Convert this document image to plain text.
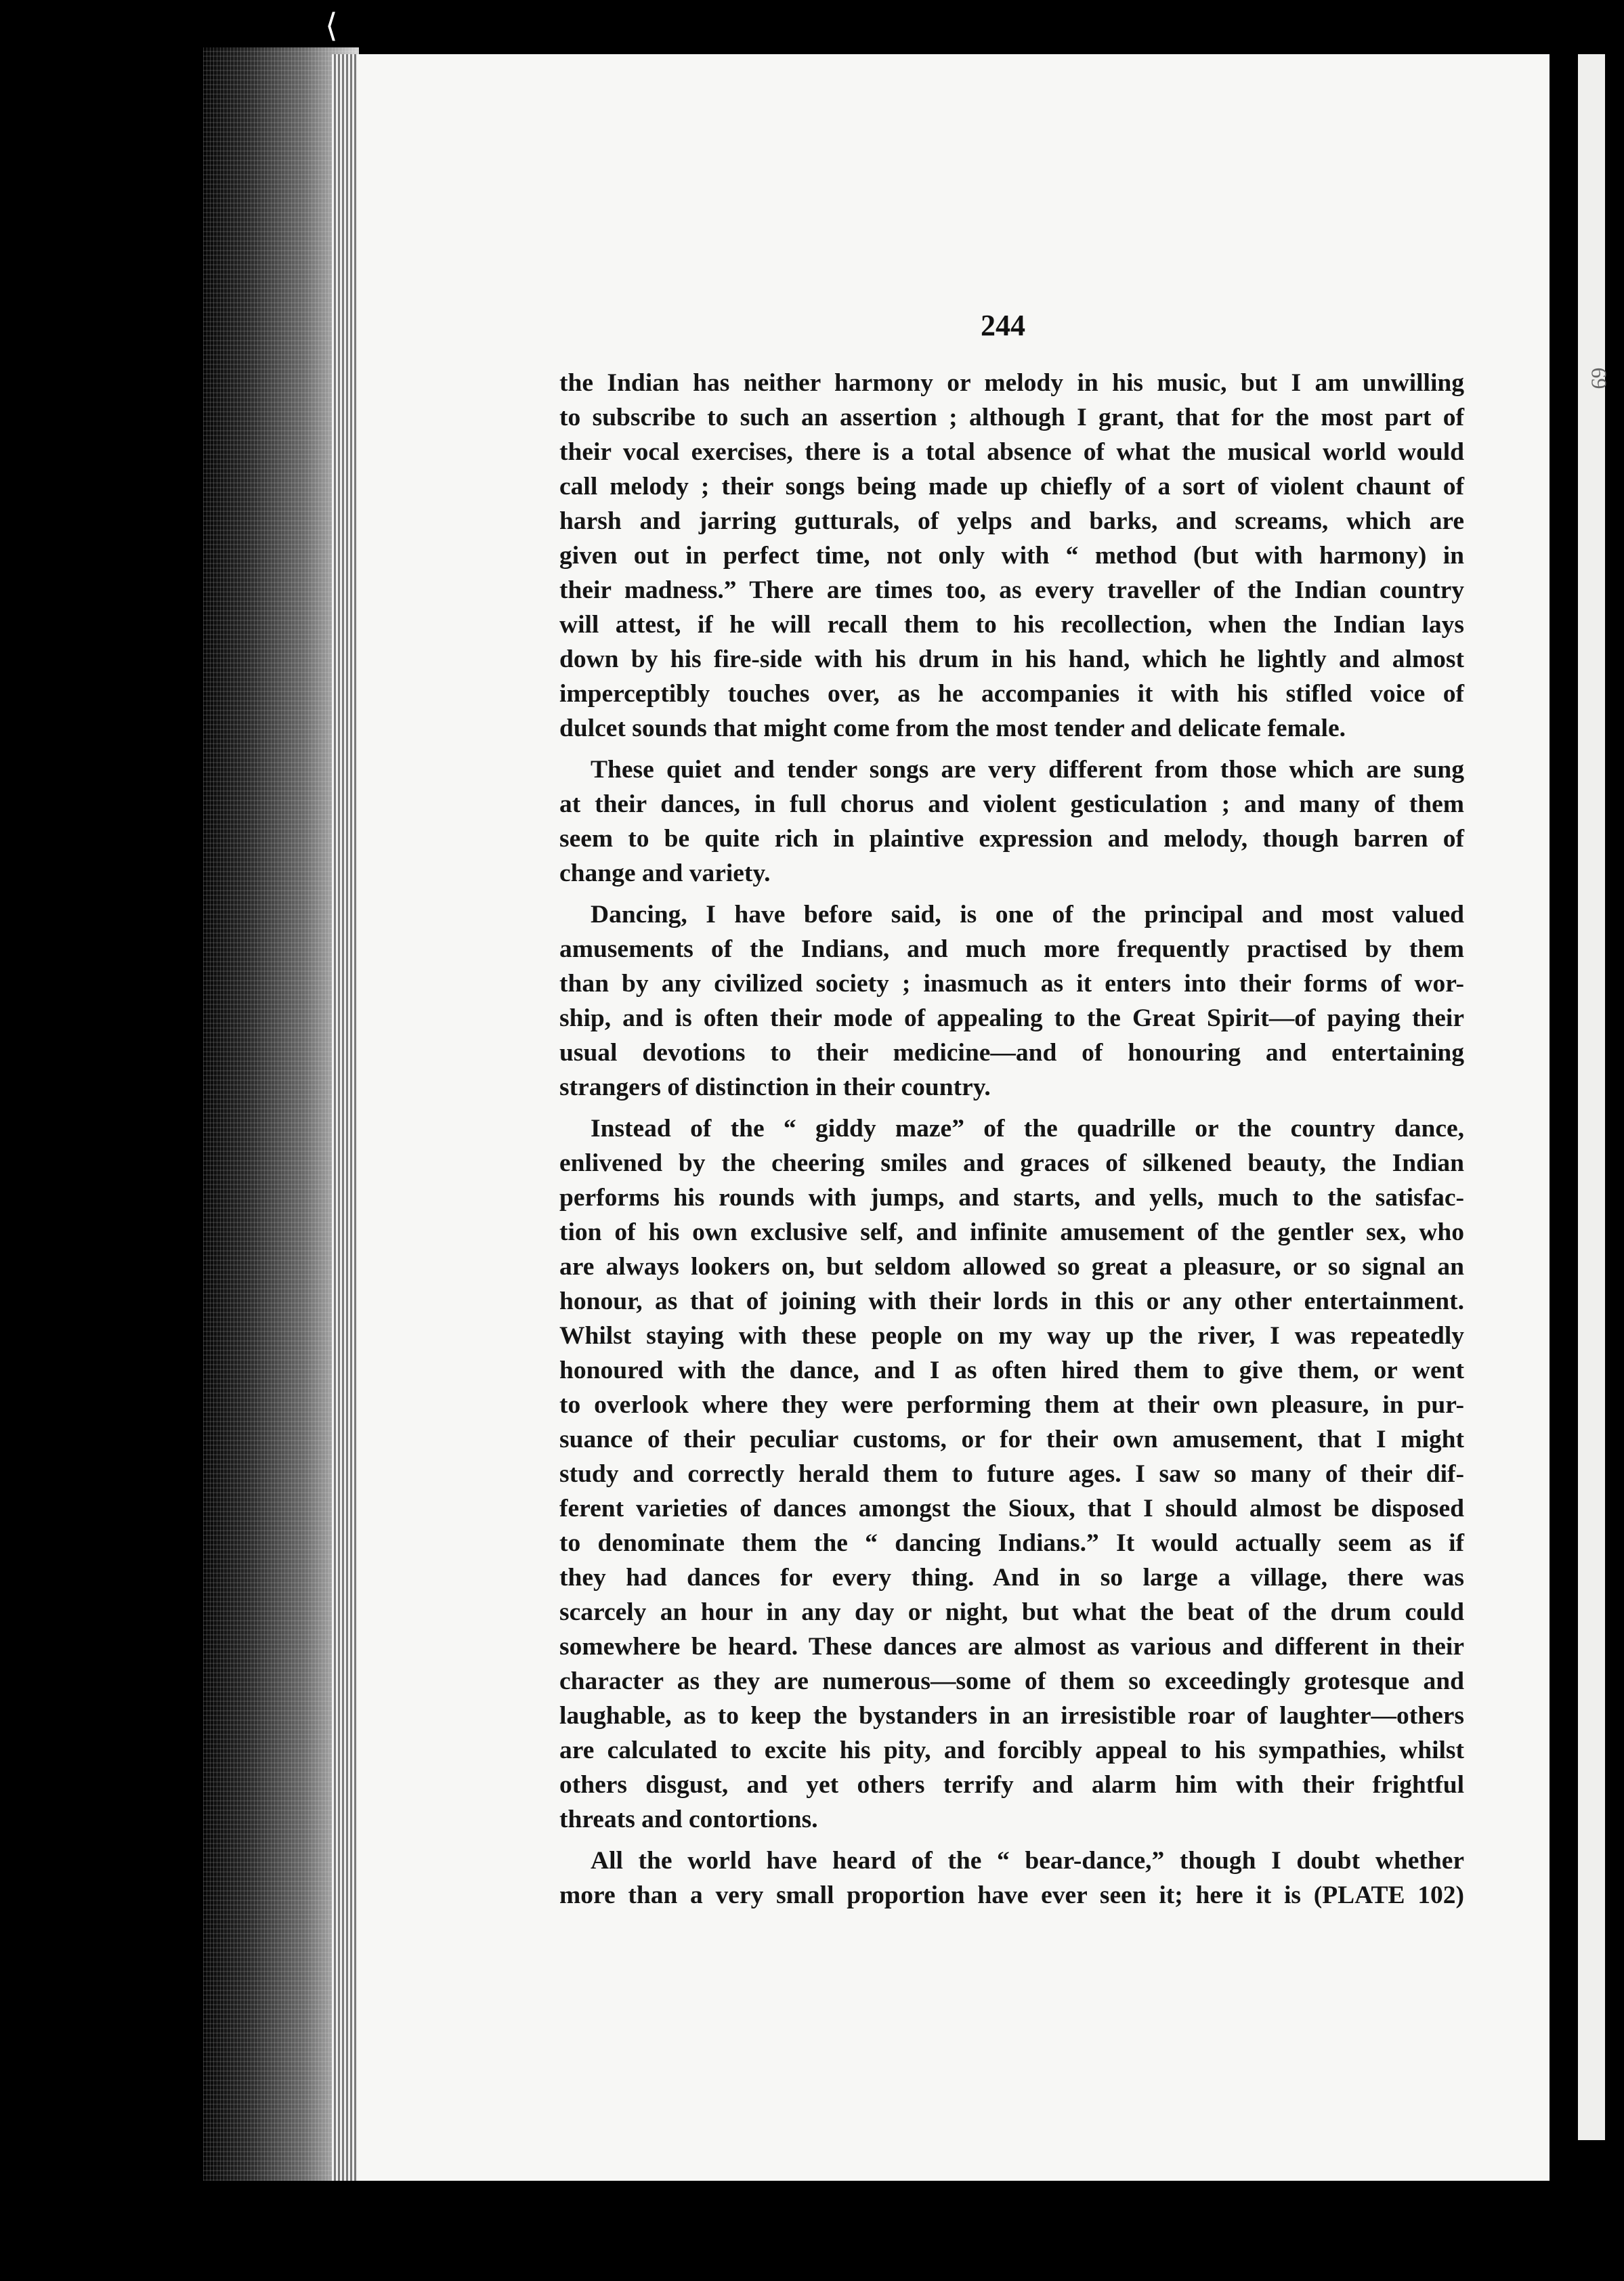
⟨
69
244
the Indian has neither harmony or melody in his music, but I am unwilling
to subscribe to such an assertion ; although I grant, that for the most part of
their vocal exercises, there is a total absence of what the musical world would
call melody ; their songs being made up chiefly of a sort of violent chaunt of
harsh and jarring gutturals, of yelps and barks, and screams, which are
given out in perfect time, not only with “ method (but with harmony) in
their madness.” There are times too, as every traveller of the Indian country
will attest, if he will recall them to his recollection, when the Indian lays
down by his fire-side with his drum in his hand, which he lightly and almost
imperceptibly touches over, as he accompanies it with his stifled voice of
dulcet sounds that might come from the most tender and delicate female.
These quiet and tender songs are very different from those which are sung
at their dances, in full chorus and violent gesticulation ; and many of them
seem to be quite rich in plaintive expression and melody, though barren of
change and variety.
Dancing, I have before said, is one of the principal and most valued
amusements of the Indians, and much more frequently practised by them
than by any civilized society ; inasmuch as it enters into their forms of wor-
ship, and is often their mode of appealing to the Great Spirit—of paying their
usual devotions to their medicine—and of honouring and entertaining
strangers of distinction in their country.
Instead of the “ giddy maze” of the quadrille or the country dance,
enlivened by the cheering smiles and graces of silkened beauty, the Indian
performs his rounds with jumps, and starts, and yells, much to the satisfac-
tion of his own exclusive self, and infinite amusement of the gentler sex, who
are always lookers on, but seldom allowed so great a pleasure, or so signal an
honour, as that of joining with their lords in this or any other entertainment.
Whilst staying with these people on my way up the river, I was repeatedly
honoured with the dance, and I as often hired them to give them, or went
to overlook where they were performing them at their own pleasure, in pur-
suance of their peculiar customs, or for their own amusement, that I might
study and correctly herald them to future ages. I saw so many of their dif-
ferent varieties of dances amongst the Sioux, that I should almost be disposed
to denominate them the “ dancing Indians.” It would actually seem as if
they had dances for every thing. And in so large a village, there was
scarcely an hour in any day or night, but what the beat of the drum could
somewhere be heard. These dances are almost as various and different in their
character as they are numerous—some of them so exceedingly grotesque and
laughable, as to keep the bystanders in an irresistible roar of laughter—others
are calculated to excite his pity, and forcibly appeal to his sympathies, whilst
others disgust, and yet others terrify and alarm him with their frightful
threats and contortions.
All the world have heard of the “ bear-dance,” though I doubt whether
more than a very small proportion have ever seen it; here it is (PLATE 102)
